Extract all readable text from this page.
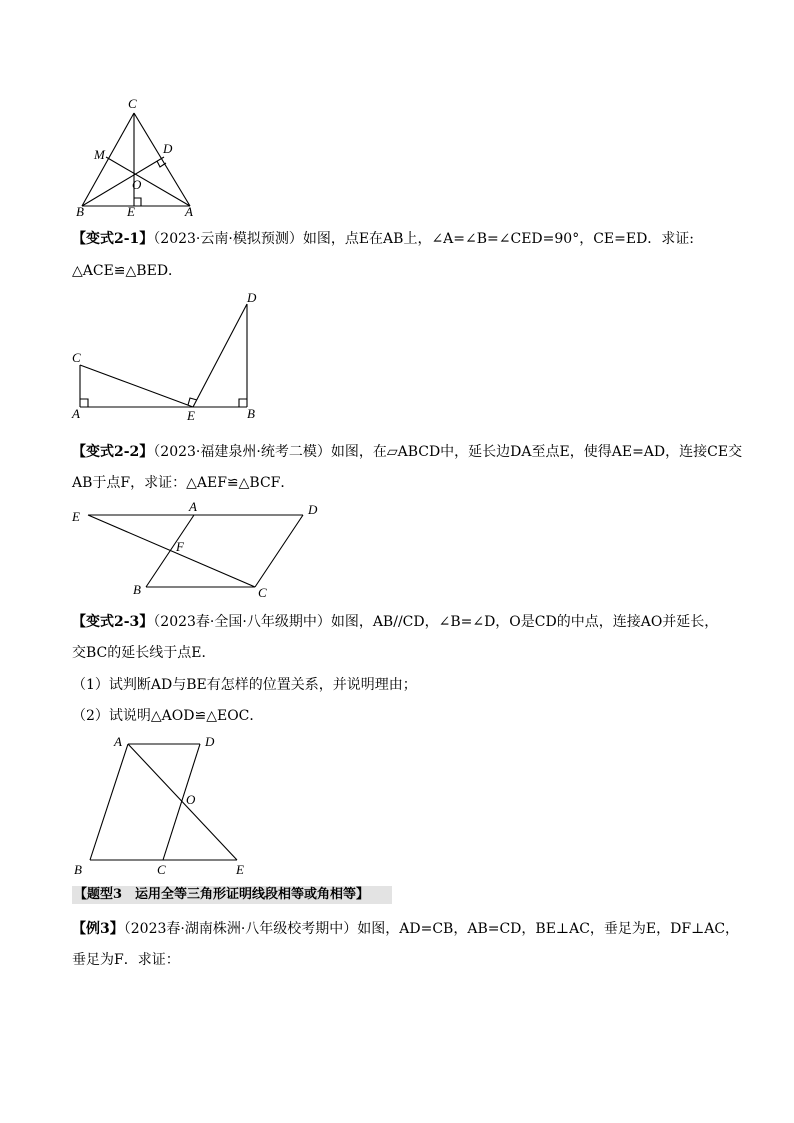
C
M	D
O
B	E	A
【变式2-1】（2023·云南·模拟预测）如图，点E在AB上，∠A=∠B=∠CED=90°，CE=ED．求证:
△ACE≌△BED．
D
C
A	E	B
【变式2-2】（2023·福建泉州·统考二模）如图，在▱ABCD中，延长边DA至点E，使得AE=AD，连接CE交
AB于点F，求证：△AEF≌△BCF．
E
A	D
F
B	C
【变式2-3】（2023春·全国·八年级期中）如图，AB//CD，∠B=∠D，O是CD的中点，连接AO并延长，
交BC的延长线于点E．
（1）试判断AD与BE有怎样的位置关系，并说明理由；
（2）试说明△AOD≌△EOC．
A	D
O
B	C	E
【题型3　运用全等三角形证明线段相等或角相等】
【例3】（2023春·湖南株洲·八年级校考期中）如图，AD=CB，AB=CD，BE⊥AC，垂足为E，DF⊥AC，
垂足为F．求证：
